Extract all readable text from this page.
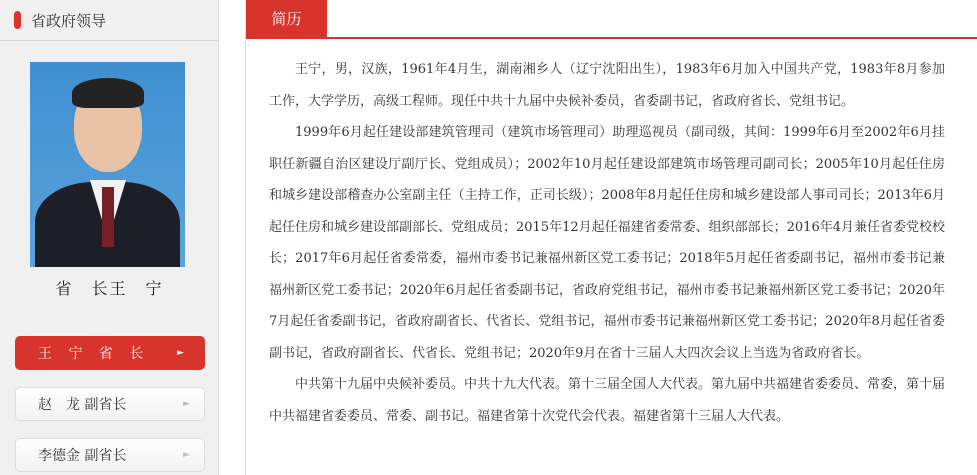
省政府领导
省　长王　宁
王 宁 省 长	►
赵　龙 副省长	►
李德金 副省长	►
简历

王宁，男，汉族，1961年4月生，湖南湘乡人（辽宁沈阳出生），1983年6月加入中国共产党，1983年8月参加工作，大学学历，高级工程师。现任中共十九届中央候补委员，省委副书记，省政府省长、党组书记。

1999年6月起任建设部建筑管理司（建筑市场管理司）助理巡视员（副司级，其间：1999年6月至2002年6月挂职任新疆自治区建设厅副厅长、党组成员）；2002年10月起任建设部建筑市场管理司副司长；2005年10月起任住房和城乡建设部稽查办公室副主任（主持工作，正司长级）；2008年8月起任住房和城乡建设部人事司司长；2013年6月起任住房和城乡建设部副部长、党组成员；2015年12月起任福建省委常委、组织部部长；2016年4月兼任省委党校校长；2017年6月起任省委常委，福州市委书记兼福州新区党工委书记；2018年5月起任省委副书记，福州市委书记兼福州新区党工委书记；2020年6月起任省委副书记，省政府党组书记，福州市委书记兼福州新区党工委书记；2020年7月起任省委副书记，省政府副省长、代省长、党组书记，福州市委书记兼福州新区党工委书记；2020年8月起任省委副书记，省政府副省长、代省长、党组书记；2020年9月在省十三届人大四次会议上当选为省政府省长。

中共第十九届中央候补委员。中共十九大代表。第十三届全国人大代表。第九届中共福建省委委员、常委，第十届中共福建省委委员、常委、副书记。福建省第十次党代会代表。福建省第十三届人大代表。
